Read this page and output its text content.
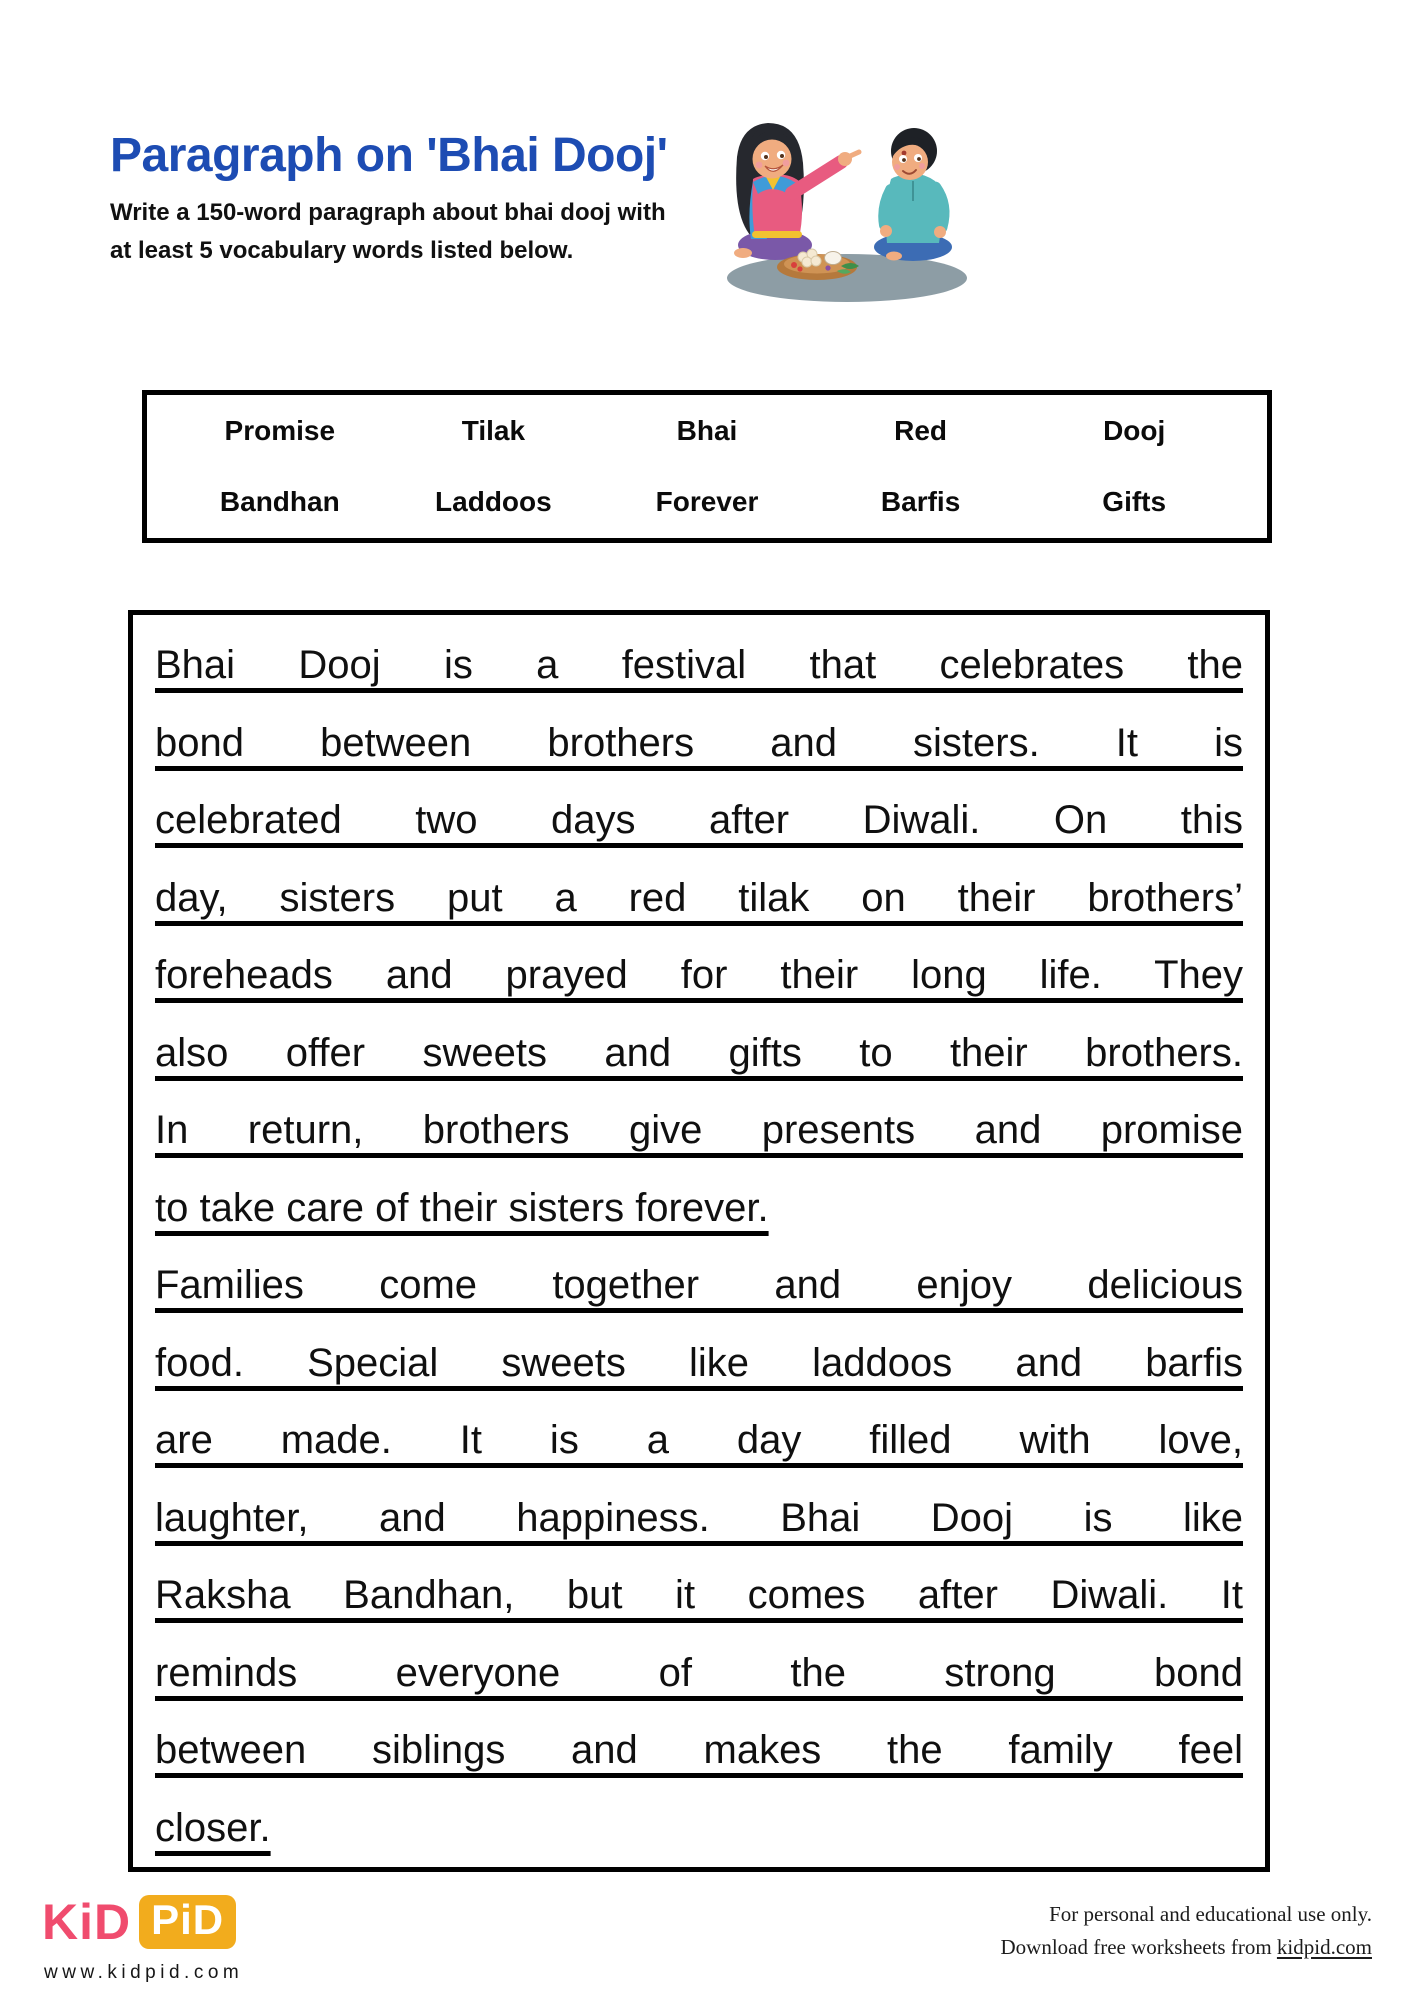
Paragraph on 'Bhai Dooj'
Write a 150-word paragraph about bhai dooj with
at least 5 vocabulary words listed below.
Promise	Tilak	Bhai	Red	Dooj
Bandhan	Laddoos	Forever	Barfis	Gifts
Bhai Dooj is a festival that celebrates the
bond between brothers and sisters. It is
celebrated two days after Diwali. On this
day, sisters put a red tilak on their brothers’
foreheads and prayed for their long life. They
also offer sweets and gifts to their brothers.
In return, brothers give presents and promise
to take care of their sisters forever.
Families come together and enjoy delicious
food. Special sweets like laddoos and barfis
are made. It is a day filled with love,
laughter, and happiness. Bhai Dooj is like
Raksha Bandhan, but it comes after Diwali. It
reminds everyone of the strong bond
between siblings and makes the family feel
closer.
KiD PiD
www.kidpid.com
For personal and educational use only.
Download free worksheets from kidpid.com
